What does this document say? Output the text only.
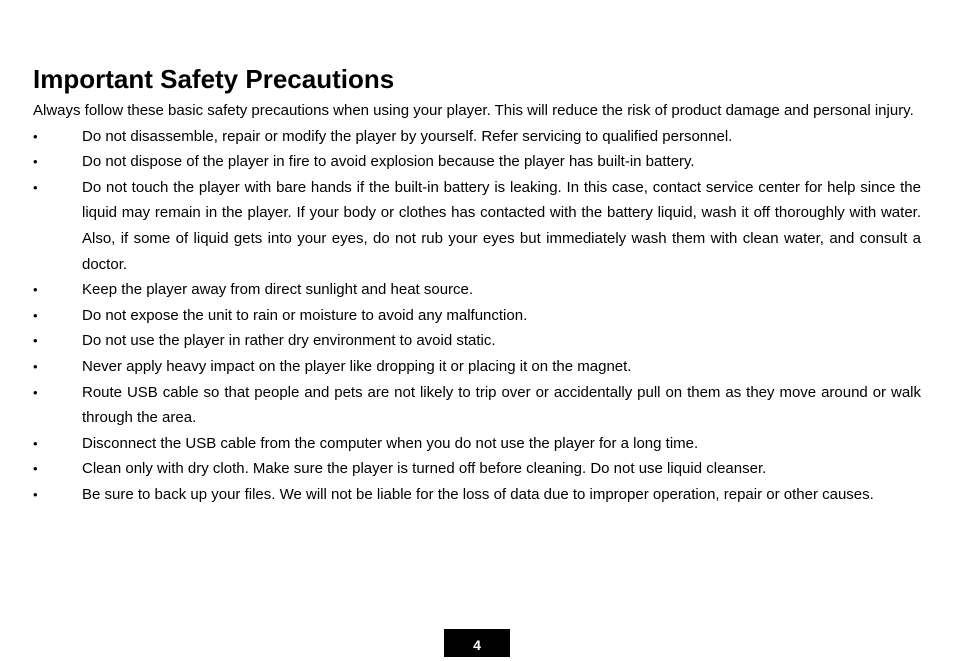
Important Safety Precautions

Always follow these basic safety precautions when using your player. This will reduce the risk of product damage and personal injury.

•	Do not disassemble, repair or modify the player by yourself. Refer servicing to qualified personnel.
•	Do not dispose of the player in fire to avoid explosion because the player has built-in battery.
•	Do not touch the player with bare hands if the built-in battery is leaking. In this case, contact service center for help since the liquid may remain in the player. If your body or clothes has contacted with the battery liquid, wash it off thoroughly with water. Also, if some of liquid gets into your eyes, do not rub your eyes but immediately wash them with clean water, and consult a doctor.
•	Keep the player away from direct sunlight and heat source.
•	Do not expose the unit to rain or moisture to avoid any malfunction.
•	Do not use the player in rather dry environment to avoid static.
•	Never apply heavy impact on the player like dropping it or placing it on the magnet.
•	Route USB cable so that people and pets are not likely to trip over or accidentally pull on them as they move around or walk through the area.
•	Disconnect the USB cable from the computer when you do not use the player for a long time.
•	Clean only with dry cloth. Make sure the player is turned off before cleaning. Do not use liquid cleanser.
•	Be sure to back up your files. We will not be liable for the loss of data due to improper operation, repair or other causes.
4
